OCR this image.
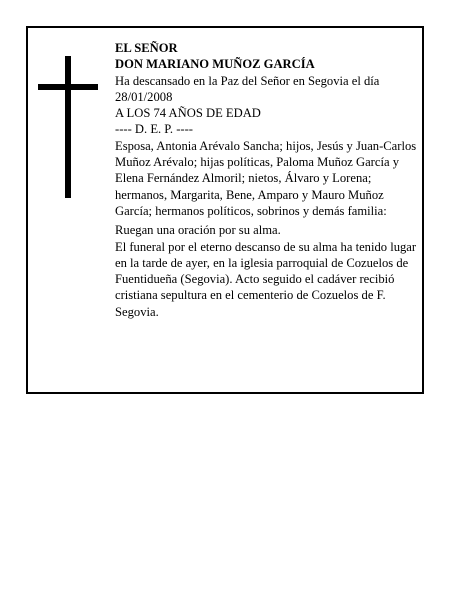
EL SEÑOR

DON MARIANO MUÑOZ GARCÍA

Ha descansado en la Paz del Señor en Segovia el día 28/01/2008

A LOS 74 AÑOS DE EDAD

---- D. E. P. ----

Esposa, Antonia Arévalo Sancha; hijos, Jesús y Juan-Carlos Muñoz Arévalo; hijas políticas, Paloma Muñoz García y Elena Fernández Almoril; nietos, Álvaro y Lorena; hermanos, Margarita, Bene, Amparo y Mauro Muñoz García; hermanos políticos, sobrinos y demás familia:

Ruegan una oración por su alma.

El funeral por el eterno descanso de su alma ha tenido lugar en la tarde de ayer, en la iglesia parroquial de Cozuelos de Fuentidueña (Segovia). Acto seguido el cadáver recibió cristiana sepultura en el cementerio de Cozuelos de F. Segovia.
